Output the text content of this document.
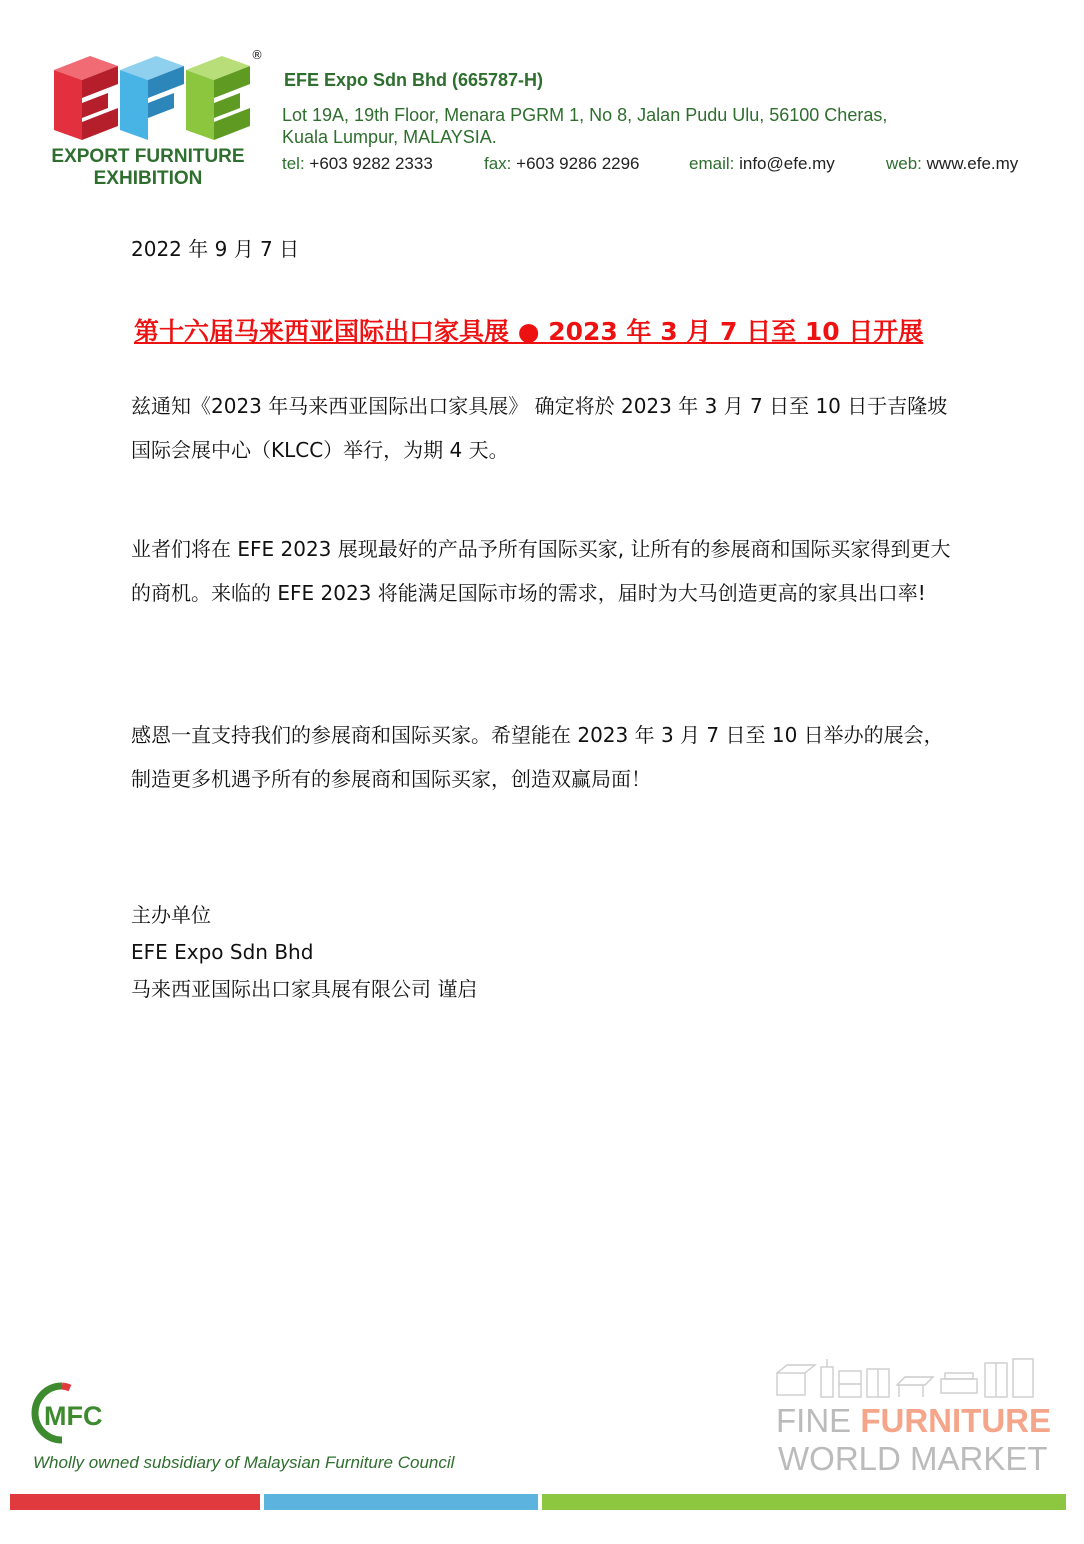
®
EXPORT FURNITURE
EXHIBITION
EFE Expo Sdn Bhd (665787-H)
Lot 19A, 19th Floor, Menara PGRM 1, No 8, Jalan Pudu Ulu, 56100 Cheras,
Kuala Lumpur, MALAYSIA.
tel: +603 9282 2333	fax: +603 9286 2296	email: info@efe.my	web: www.efe.my
2022 年 9 月 7 日
第十六届马来西亚国际出口家具展 ● 2023 年 3 月 7 日至 10 日开展
兹通知《2023 年马来西亚国际出口家具展》 确定将於 2023 年 3 月 7 日至 10 日于吉隆坡国际会展中心（KLCC）举行，为期 4 天。
业者们将在 EFE 2023 展现最好的产品予所有国际买家, 让所有的参展商和国际买家得到更大的商机。来临的 EFE 2023 将能满足国际市场的需求，届时为大马创造更高的家具出口率!
感恩一直支持我们的参展商和国际买家。希望能在 2023 年 3 月 7 日至 10 日举办的展会，制造更多机遇予所有的参展商和国际买家，创造双赢局面！
主办单位
EFE Expo Sdn Bhd
马来西亚国际出口家具展有限公司 谨启
MFC
Wholly owned subsidiary of Malaysian Furniture Council
FINE FURNITURE
WORLD MARKET
